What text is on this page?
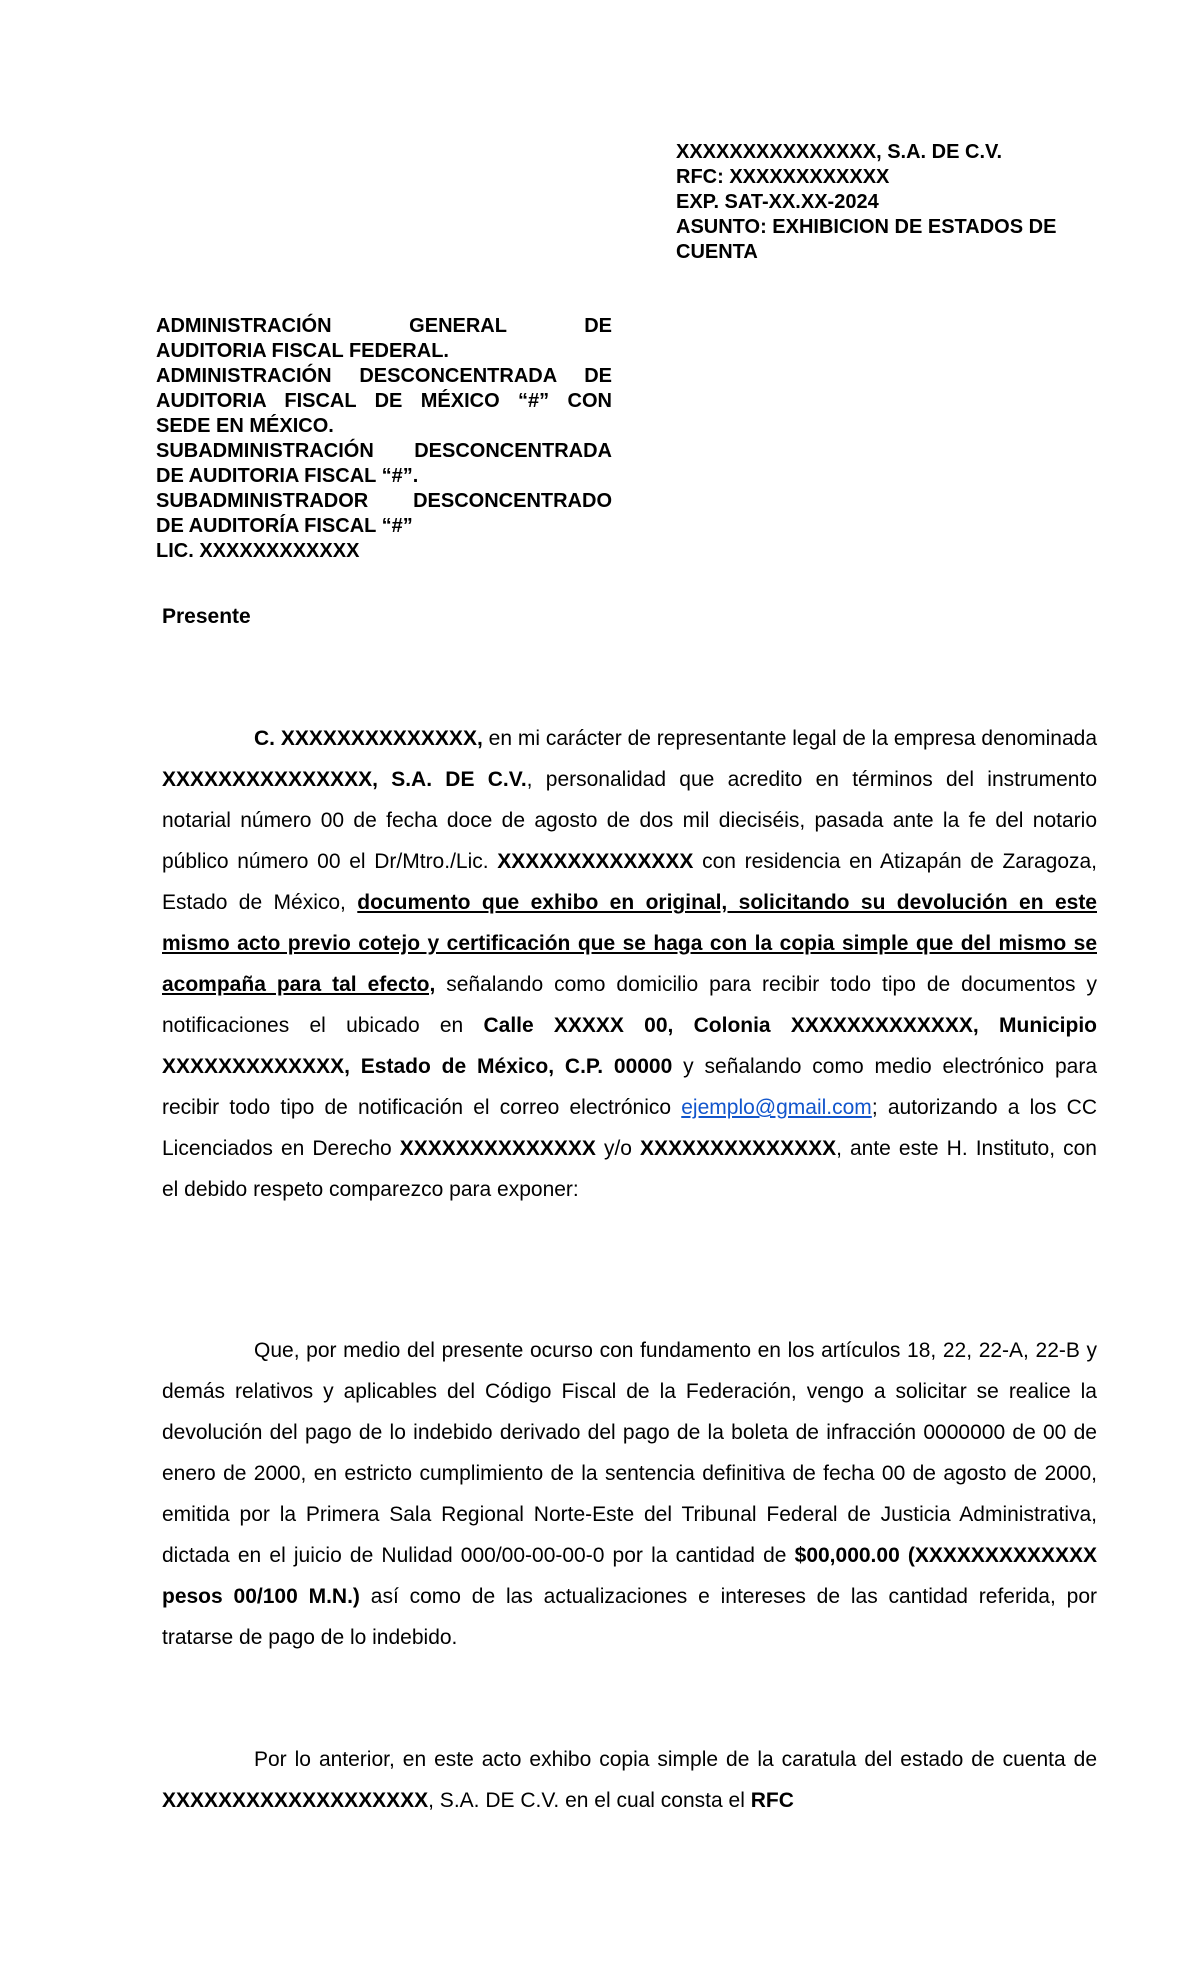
XXXXXXXXXXXXXXX, S.A. DE C.V.
RFC: XXXXXXXXXXXX
EXP. SAT-XX.XX-2024
ASUNTO: EXHIBICION DE ESTADOS DE
CUENTA
ADMINISTRACIÓN GENERAL DE
AUDITORIA FISCAL FEDERAL.
ADMINISTRACIÓN DESCONCENTRADA DE
AUDITORIA FISCAL DE MÉXICO “#” CON
SEDE EN MÉXICO.
SUBADMINISTRACIÓN DESCONCENTRADA
DE AUDITORIA FISCAL “#”.
SUBADMINISTRADOR DESCONCENTRADO
DE AUDITORÍA FISCAL “#”
LIC. XXXXXXXXXXXX
Presente
C. XXXXXXXXXXXXXX, en mi carácter de representante legal de la empresa denominada XXXXXXXXXXXXXXX, S.A. DE C.V., personalidad que acredito en términos del instrumento notarial número 00 de fecha doce de agosto de dos mil dieciséis, pasada ante la fe del notario público número 00 el Dr/Mtro./Lic. XXXXXXXXXXXXXX con residencia en Atizapán de Zaragoza, Estado de México, documento que exhibo en original, solicitando su devolución en este mismo acto previo cotejo y certificación que se haga con la copia simple que del mismo se acompaña para tal efecto, señalando como domicilio para recibir todo tipo de documentos y notificaciones el ubicado en Calle XXXXX 00, Colonia XXXXXXXXXXXXX, Municipio XXXXXXXXXXXXX, Estado de México, C.P. 00000 y señalando como medio electrónico para recibir todo tipo de notificación el correo electrónico ejemplo@gmail.com; autorizando a los CC Licenciados en Derecho XXXXXXXXXXXXXX y/o XXXXXXXXXXXXXX, ante este H. Instituto, con el debido respeto comparezco para exponer:
Que, por medio del presente ocurso con fundamento en los artículos 18, 22, 22-A, 22-B y demás relativos y aplicables del Código Fiscal de la Federación, vengo a solicitar se realice la devolución del pago de lo indebido derivado del pago de la boleta de infracción 0000000 de 00 de enero de 2000, en estricto cumplimiento de la sentencia definitiva de fecha 00 de agosto de 2000, emitida por la Primera Sala Regional Norte-Este del Tribunal Federal de Justicia Administrativa, dictada en el juicio de Nulidad 000/00-00-00-0 por la cantidad de $00,000.00 (XXXXXXXXXXXXX pesos 00/100 M.N.) así como de las actualizaciones e intereses de las cantidad referida, por tratarse de pago de lo indebido.
Por lo anterior, en este acto exhibo copia simple de la caratula del estado de cuenta de XXXXXXXXXXXXXXXXXXX, S.A. DE C.V. en el cual consta el RFC
